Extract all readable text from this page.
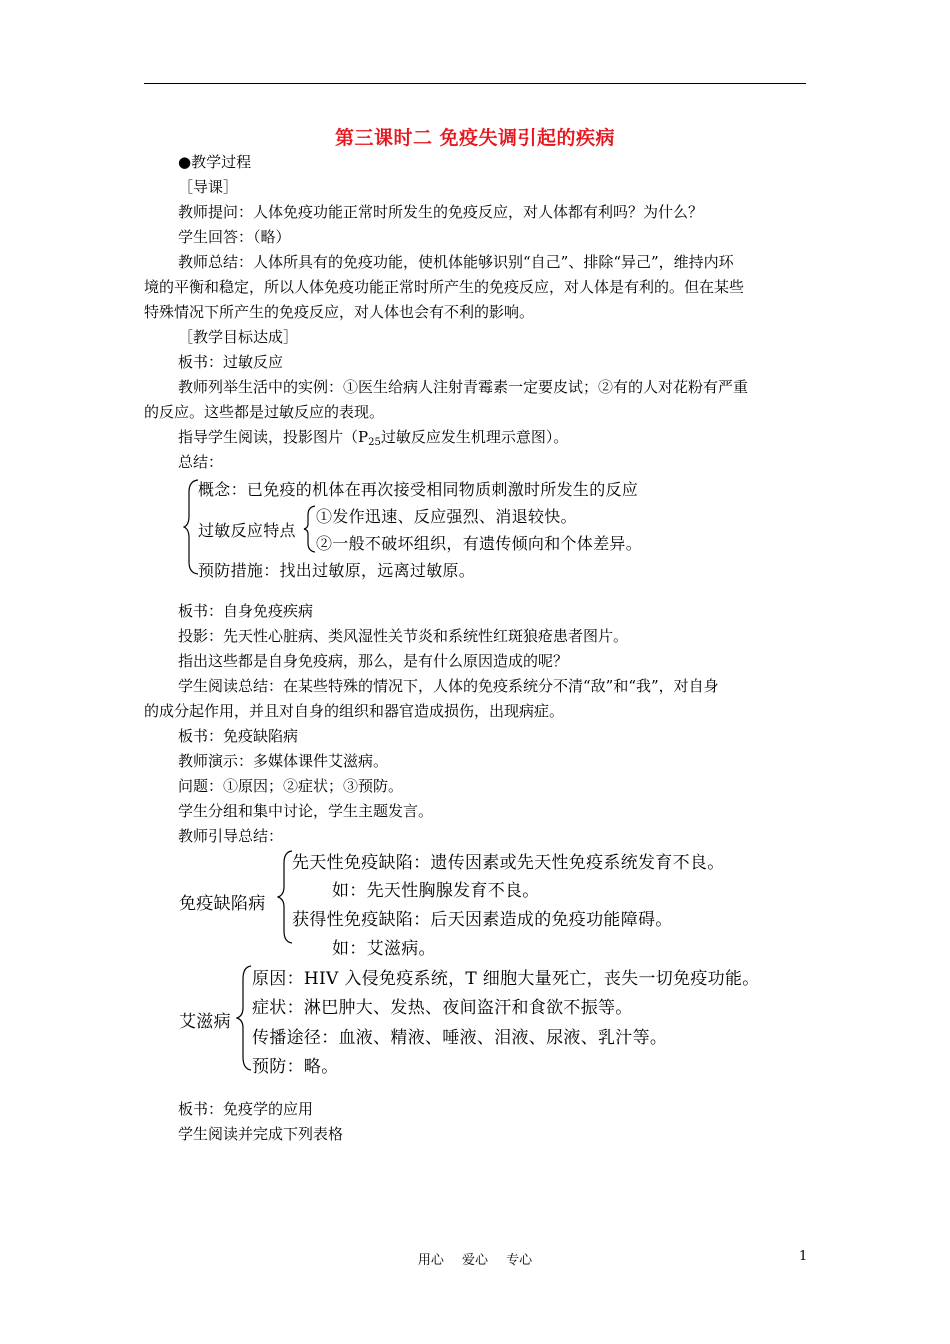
第三课时二 免疫失调引起的疾病
●教学过程
［导课］
教师提问：人体免疫功能正常时所发生的免疫反应，对人体都有利吗？为什么？
学生回答：（略）
教师总结：人体所具有的免疫功能，使机体能够识别“自己”、排除“异己”，维持内环
境的平衡和稳定，所以人体免疫功能正常时所产生的免疫反应，对人体是有利的。但在某些
特殊情况下所产生的免疫反应，对人体也会有不利的影响。
［教学目标达成］
板书：过敏反应
教师列举生活中的实例：①医生给病人注射青霉素一定要皮试；②有的人对花粉有严重
的反应。这些都是过敏反应的表现。
指导学生阅读，投影图片（$P_{25}$过敏反应发生机理示意图）。
总结：
概念：已免疫的机体在再次接受相同物质刺激时所发生的反应
过敏反应特点
①发作迅速、反应强烈、消退较快。
②一般不破坏组织，有遗传倾向和个体差异。
预防措施：找出过敏原，远离过敏原。
板书：自身免疫疾病
投影：先天性心脏病、类风湿性关节炎和系统性红斑狼疮患者图片。
指出这些都是自身免疫病，那么，是有什么原因造成的呢？
学生阅读总结：在某些特殊的情况下，人体的免疫系统分不清“敌”和“我”，对自身
的成分起作用，并且对自身的组织和器官造成损伤，出现病症。
板书：免疫缺陷病
教师演示：多媒体课件艾滋病。
问题：①原因；②症状；③预防。
学生分组和集中讨论，学生主题发言。
教师引导总结：
免疫缺陷病
先天性免疫缺陷：遗传因素或先天性免疫系统发育不良。
如：先天性胸腺发育不良。
获得性免疫缺陷：后天因素造成的免疫功能障碍。
如：艾滋病。
艾滋病
原因：HIV 入侵免疫系统，T 细胞大量死亡，丧失一切免疫功能。
症状：淋巴肿大、发热、夜间盗汗和食欲不振等。
传播途径：血液、精液、唾液、泪液、尿液、乳汁等。
预防：略。
板书：免疫学的应用
学生阅读并完成下列表格
用心 爱心 专心	1
